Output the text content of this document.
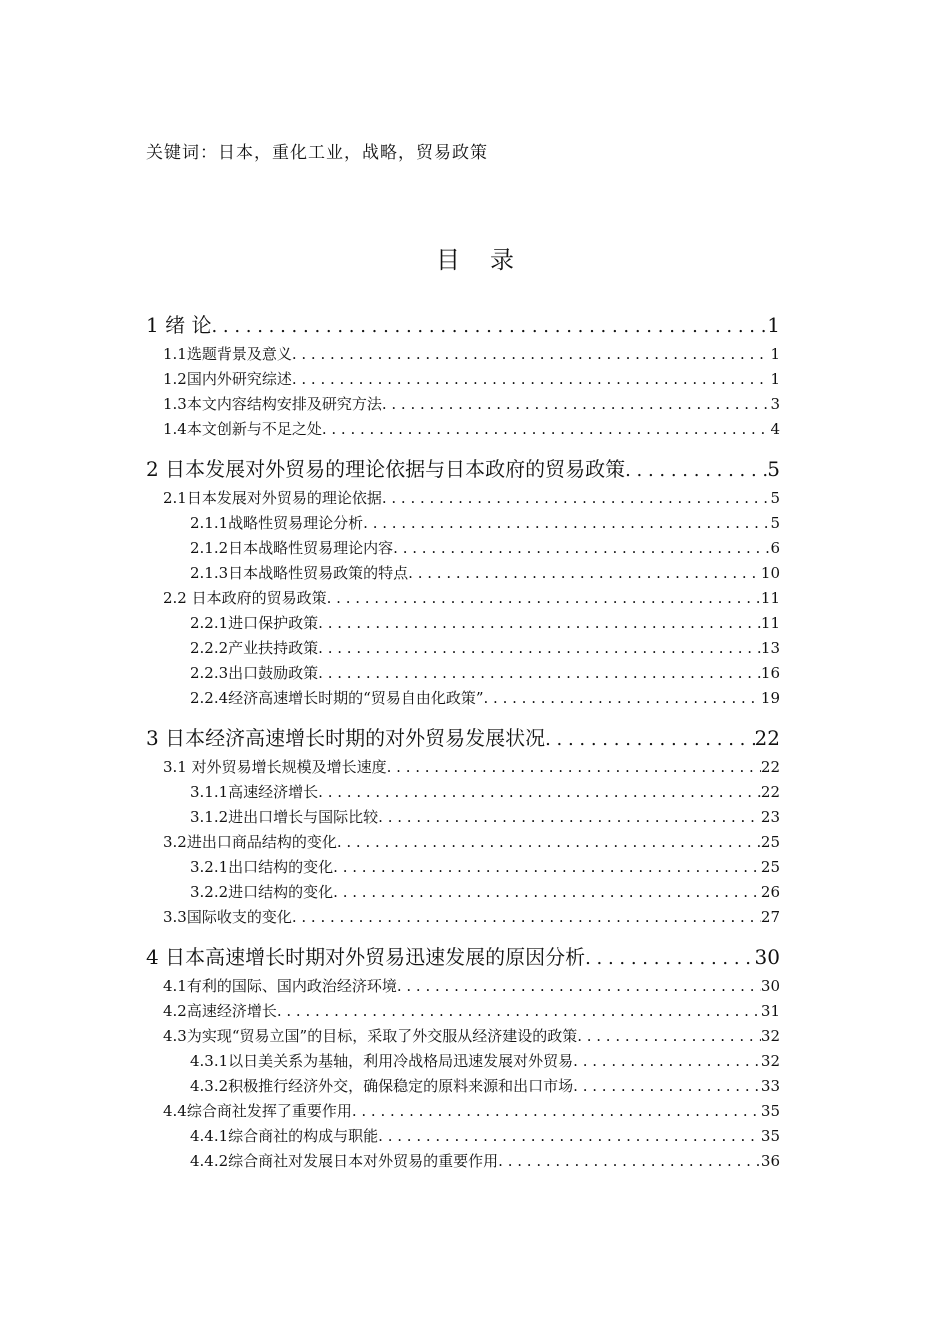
关键词：日本，重化工业，战略，贸易政策
目录
1 绪 论 . . .	1
1.1选题背景及意义 . . .	1
1.2国内外研究综述 . . .	1
1.3本文内容结构安排及研究方法 . . .	3
1.4本文创新与不足之处 . . .	4
2 日本发展对外贸易的理论依据与日本政府的贸易政策 . . .	5
2.1日本发展对外贸易的理论依据 . . .	5
2.1.1战略性贸易理论分析 . . .	5
2.1.2日本战略性贸易理论内容 . . .	6
2.1.3日本战略性贸易政策的特点 . . .	10
2.2 日本政府的贸易政策 . . .	11
2.2.1进口保护政策 . . .	11
2.2.2产业扶持政策 . . .	13
2.2.3出口鼓励政策 . . .	16
2.2.4经济高速增长时期的“贸易自由化政策” . . .	19
3 日本经济高速增长时期的对外贸易发展状况 . . .	22
3.1 对外贸易增长规模及增长速度 . . .	22
3.1.1高速经济增长 . . .	22
3.1.2进出口增长与国际比较 . . .	23
3.2进出口商品结构的变化 . . .	25
3.2.1出口结构的变化 . . .	25
3.2.2进口结构的变化 . . .	26
3.3国际收支的变化 . . .	27
4 日本高速增长时期对外贸易迅速发展的原因分析 . . .	30
4.1有利的国际、国内政治经济环境 . . .	30
4.2高速经济增长 . . .	31
4.3为实现“贸易立国”的目标，采取了外交服从经济建设的政策 . . .	32
4.3.1以日美关系为基轴，利用冷战格局迅速发展对外贸易 . . .	32
4.3.2积极推行经济外交，确保稳定的原料来源和出口市场 . . .	33
4.4综合商社发挥了重要作用 . . .	35
4.4.1综合商社的构成与职能 . . .	35
4.4.2综合商社对发展日本对外贸易的重要作用 . . .	36
